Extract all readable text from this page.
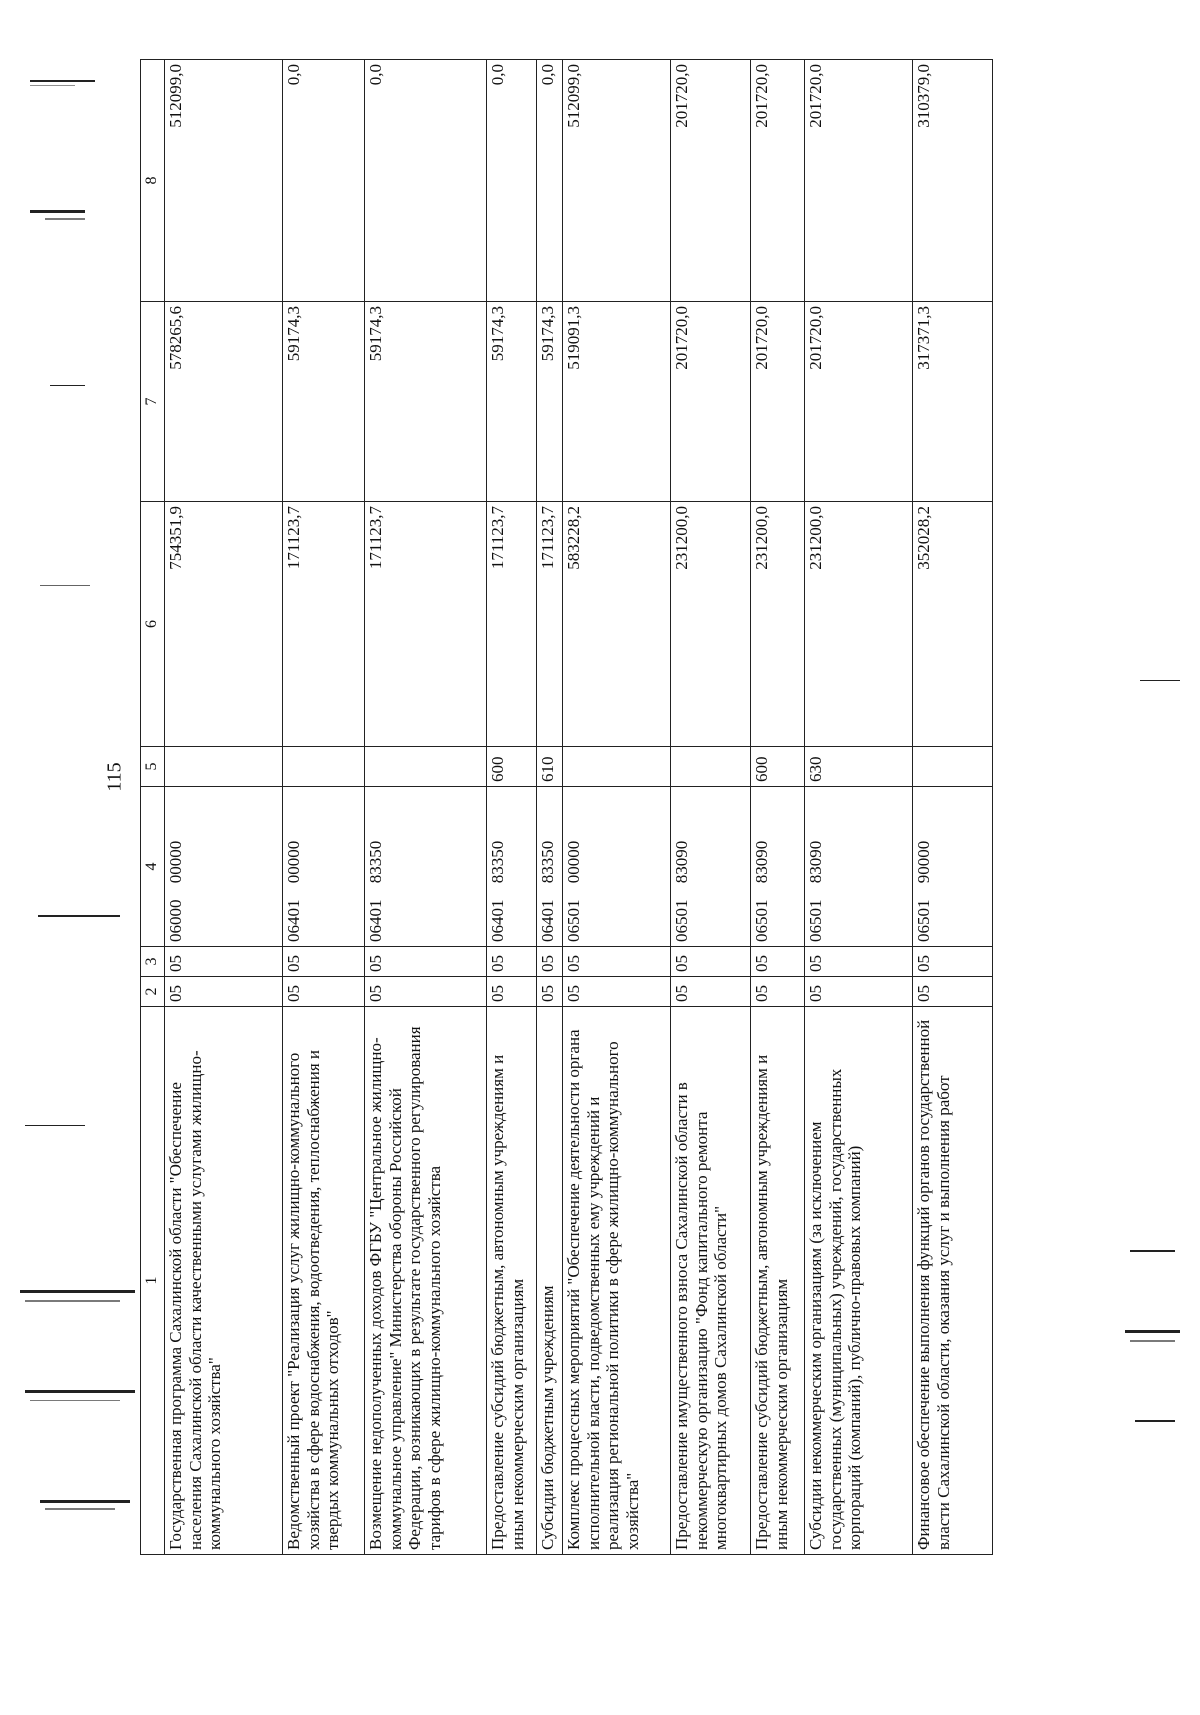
115
1	2	3	4	5	6	7	8
Государственная программа Сахалинской области "Обеспечение населения Сахалинской области качественными услугами жилищно-коммунального хозяйства"	05	05	06000 00000		754351,9	578265,6	512099,0
Ведомственный проект "Реализация услуг жилищно-коммунального хозяйства в сфере водоснабжения, водоотведения, теплоснабжения и твердых коммунальных отходов"	05	05	06401 00000		171123,7	59174,3	0,0
Возмещение недополученных доходов ФГБУ "Центральное жилищно-коммунальное управление" Министерства обороны Российской Федерации, возникающих в результате государственного регулирования тарифов в сфере жилищно-коммунального хозяйства	05	05	06401 83350		171123,7	59174,3	0,0
Предоставление субсидий бюджетным, автономным учреждениям и иным некоммерческим организациям	05	05	06401 83350	600	171123,7	59174,3	0,0
Субсидии бюджетным учреждениям	05	05	06401 83350	610	171123,7	59174,3	0,0
Комплекс процессных мероприятий "Обеспечение деятельности органа исполнительной власти, подведомственных ему учреждений и реализация региональной политики в сфере жилищно-коммунального хозяйства"	05	05	06501 00000		583228,2	519091,3	512099,0
Предоставление имущественного взноса Сахалинской области в некоммерческую организацию "Фонд капитального ремонта многоквартирных домов Сахалинской области"	05	05	06501 83090		231200,0	201720,0	201720,0
Предоставление субсидий бюджетным, автономным учреждениям и иным некоммерческим организациям	05	05	06501 83090	600	231200,0	201720,0	201720,0
Субсидии некоммерческим организациям (за исключением государственных (муниципальных) учреждений, государственных корпораций (компаний), публично-правовых компаний)	05	05	06501 83090	630	231200,0	201720,0	201720,0
Финансовое обеспечение выполнения функций органов государственной власти Сахалинской области, оказания услуг и выполнения работ	05	05	06501 90000		352028,2	317371,3	310379,0
